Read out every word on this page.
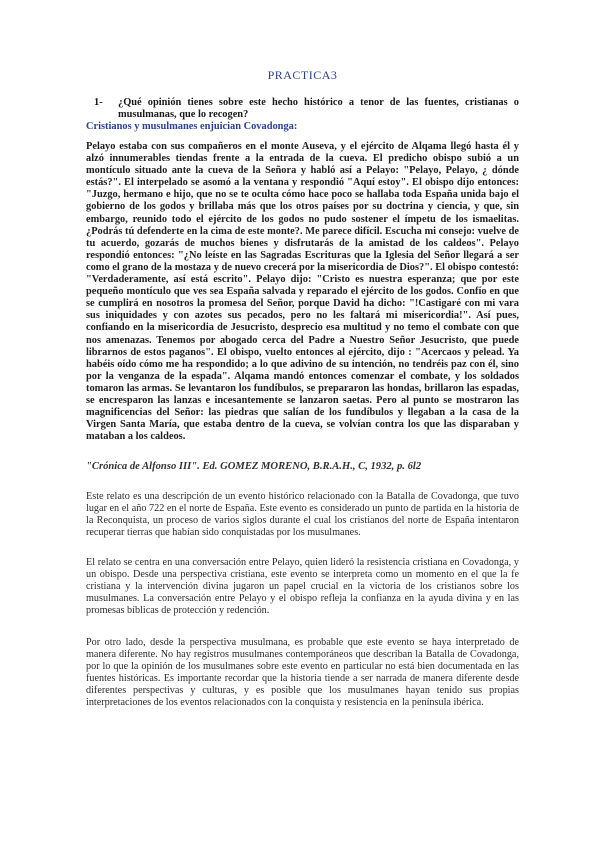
PRACTICA3
1-	¿Qué opinión tienes sobre este hecho histórico a tenor de las fuentes, cristianas o musulmanas, que lo recogen?
Cristianos y musulmanes enjuician Covadonga:
Pelayo estaba con sus compañeros en el monte Auseva, y el ejército de Alqama llegó hasta él y alzó innumerables tiendas frente a la entrada de la cueva. El predicho obispo subió a un montículo situado ante la cueva de la Señora y habló así a Pelayo: "Pelayo, Pelayo, ¿ dónde estás?". El interpelado se asomó a la ventana y respondió "Aquí estoy". El obispo dijo entonces: "Juzgo, hermano e hijo, que no se te oculta cómo hace poco se hallaba toda España unida bajo el gobierno de los godos y brillaba más que los otros países por su doctrina y ciencia, y que, sin embargo, reunido todo el ejército de los godos no pudo sostener el ímpetu de los ismaelitas. ¿Podrás tú defenderte en la cima de este monte?. Me parece difícil. Escucha mi consejo: vuelve de tu acuerdo, gozarás de muchos bienes y disfrutarás de la amistad de los caldeos". Pelayo respondió entonces: "¿No leíste en las Sagradas Escrituras que la Iglesia del Señor llegará a ser como el grano de la mostaza y de nuevo crecerá por la misericordia de Dios?". El obispo contestó: "Verdaderamente, así está escrito". Pelayo dijo: "Cristo es nuestra esperanza; que por este pequeño montículo que ves sea España salvada y reparado el ejército de los godos. Confío en que se cumplirá en nosotros la promesa del Señor, porque David ha dicho: "!Castigaré con mi vara sus iniquidades y con azotes sus pecados, pero no les faltará mi misericordia!". Así pues, confiando en la misericordia de Jesucristo, desprecio esa multitud y no temo el combate con que nos amenazas. Tenemos por abogado cerca del Padre a Nuestro Señor Jesucristo, que puede librarnos de estos paganos". El obispo, vuelto entonces al ejército, dijo : "Acercaos y pelead. Ya habéis oído cómo me ha respondido; a lo que adivino de su intención, no tendréis paz con él, sino por la venganza de la espada". Alqama mandó entonces comenzar el combate, y los soldados tomaron las armas. Se levantaron los fundíbulos, se prepararon las hondas, brillaron las espadas, se encresparon las lanzas e incesantemente se lanzaron saetas. Pero al punto se mostraron las magnificencias del Señor: las piedras que salían de los fundíbulos y llegaban a la casa de la Virgen Santa María, que estaba dentro de la cueva, se volvían contra los que las disparaban y mataban a los caldeos.
"Crónica de Alfonso III". Ed. GOMEZ MORENO, B.R.A.H., C, 1932, p. 6l2
Este relato es una descripción de un evento histórico relacionado con la Batalla de Covadonga, que tuvo lugar en el año 722 en el norte de España. Este evento es considerado un punto de partida en la historia de la Reconquista, un proceso de varios siglos durante el cual los cristianos del norte de España intentaron recuperar tierras que habían sido conquistadas por los musulmanes.
El relato se centra en una conversación entre Pelayo, quien lideró la resistencia cristiana en Covadonga, y un obispo. Desde una perspectiva cristiana, este evento se interpreta como un momento en el que la fe cristiana y la intervención divina jugaron un papel crucial en la victoria de los cristianos sobre los musulmanes. La conversación entre Pelayo y el obispo refleja la confianza en la ayuda divina y en las promesas bíblicas de protección y redención.
Por otro lado, desde la perspectiva musulmana, es probable que este evento se haya interpretado de manera diferente. No hay registros musulmanes contemporáneos que describan la Batalla de Covadonga, por lo que la opinión de los musulmanes sobre este evento en particular no está bien documentada en las fuentes históricas. Es importante recordar que la historia tiende a ser narrada de manera diferente desde diferentes perspectivas y culturas, y es posible que los musulmanes hayan tenido sus propias interpretaciones de los eventos relacionados con la conquista y resistencia en la península ibérica.
